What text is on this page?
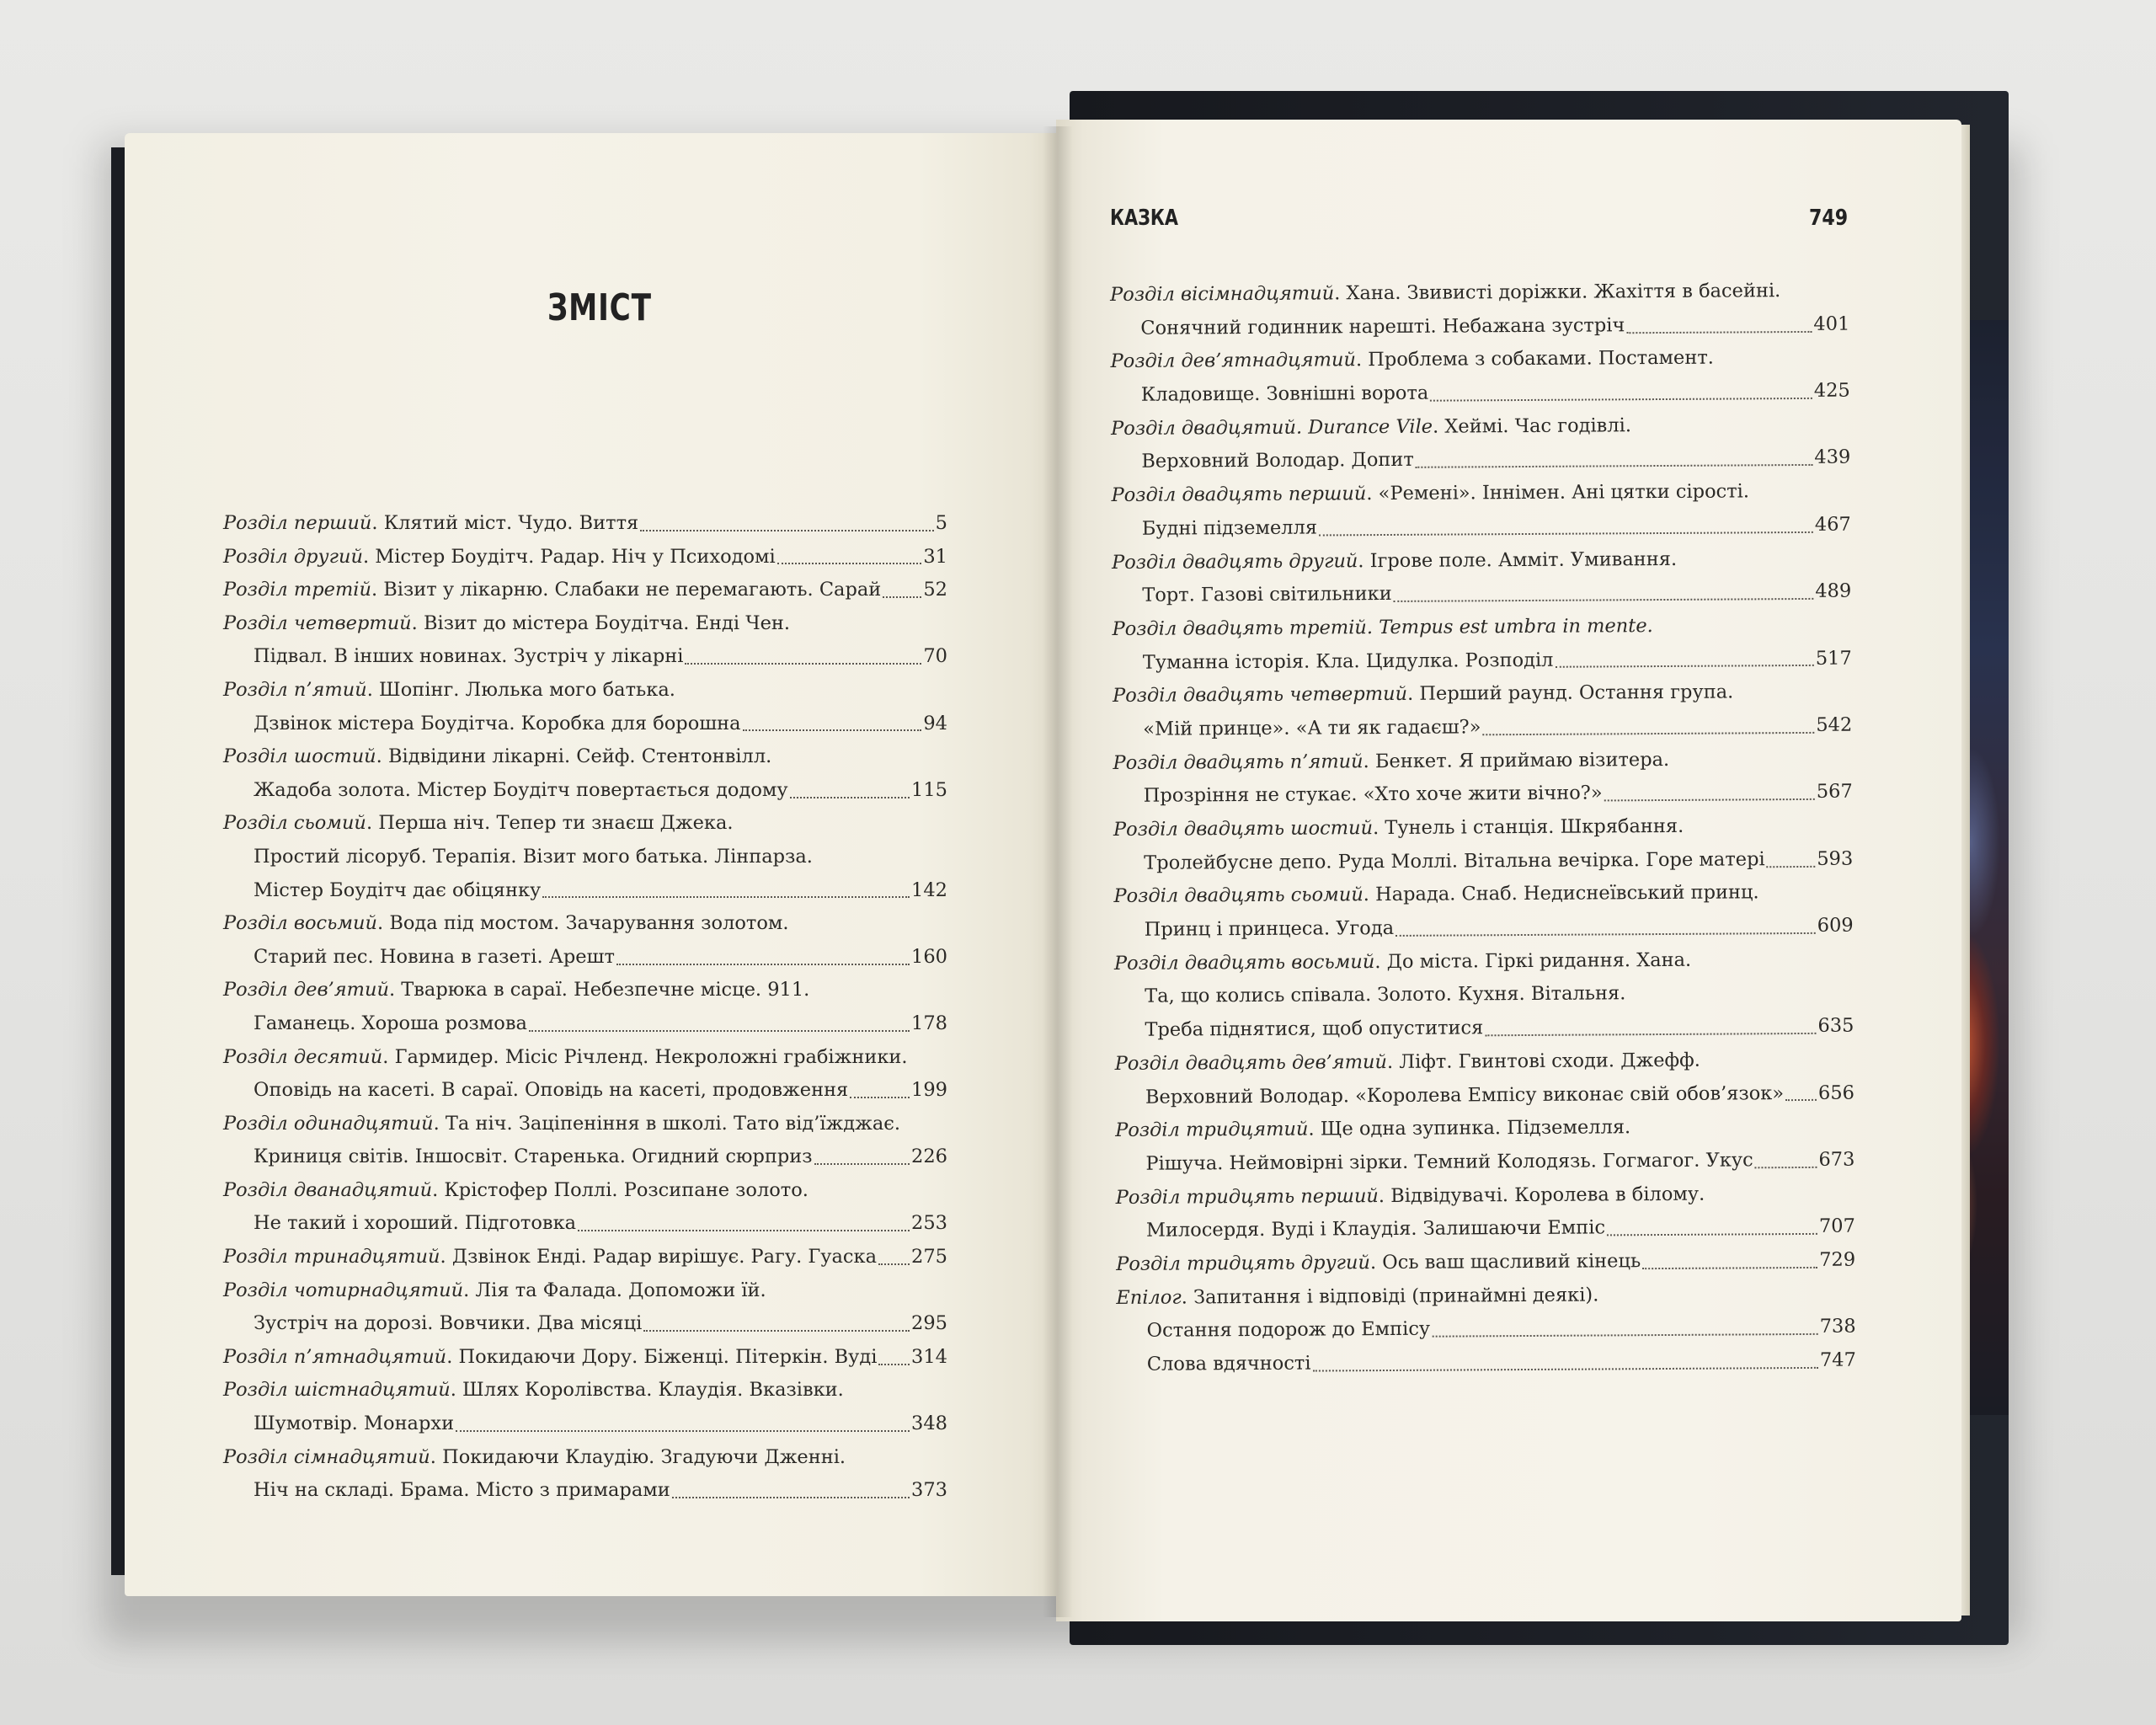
ЗМІСТ
КАЗКА	749
Розділ перший . Клятий міст. Чудо. Виття	5
Розділ другий . Містер Боудітч. Радар. Ніч у Психодомі	31
Розділ третій . Візит у лікарню. Слабаки не перемагають. Сарай 52
Розділ четвертий . Візит до містера Боудітча. Енді Чен.
Підвал. В інших новинах. Зустріч у лікарні	70
Розділ п’ятий . Шопінг. Люлька мого батька.
Дзвінок містера Боудітча. Коробка для борошна	94
Розділ шостий . Відвідини лікарні. Сейф. Стентонвілл.
Жадоба золота. Містер Боудітч повертається додому	115
Розділ сьомий . Перша ніч. Тепер ти знаєш Джека.
Простий лісоруб. Терапія. Візит мого батька. Лінпарза.
Містер Боудітч дає обіцянку	142
Розділ восьмий . Вода під мостом. Зачарування золотом.
Старий пес. Новина в газеті. Арешт	160
Розділ дев’ятий . Тварюка в сараї. Небезпечне місце. 911.
Гаманець. Хороша розмова	178
Розділ десятий . Гармидер. Місіс Річленд. Некроложні грабіжники.
Оповідь на касеті. В сараї. Оповідь на касеті, продовження	199
Розділ одинадцятий . Та ніч. Заціпеніння в школі. Тато від’їжджає.
Криниця світів. Іншосвіт. Старенька. Огидний сюрприз	226
Розділ дванадцятий . Крістофер Поллі. Розсипане золото.
Не такий і хороший. Підготовка	253
Розділ тринадцятий . Дзвінок Енді. Радар вирішує. Рагу. Гуаска 275
Розділ чотирнадцятий . Лія та Фалада. Допоможи їй.
Зустріч на дорозі. Вовчики. Два місяці	295
Розділ п’ятнадцятий . Покидаючи Дору. Біженці. Пітеркін. Вуді 314
Розділ шістнадцятий . Шлях Королівства. Клаудія. Вказівки.
Шумотвір. Монархи	348
Розділ сімнадцятий . Покидаючи Клаудію. Згадуючи Дженні.
Ніч на складі. Брама. Місто з примарами	373
Розділ вісімнадцятий . Хана. Звивисті доріжки. Жахіття в басейні.
Сонячний годинник нарешті. Небажана зустріч	401
Розділ дев’ятнадцятий . Проблема з собаками. Постамент.
Кладовище. Зовнішні ворота	425
Розділ двадцятий. Durance Vile . Хеймі. Час годівлі.
Верховний Володар. Допит	439
Розділ двадцять перший . «Ремені». Іннімен. Ані цятки сірості.
Будні підземелля	467
Розділ двадцять другий . Ігрове поле. Амміт. Умивання.
Торт. Газові світильники	489
Розділ двадцять третій. Tempus est umbra in mente.
Туманна історія. Кла. Цидулка. Розподіл	517
Розділ двадцять четвертий . Перший раунд. Остання група.
«Мій принце». «А ти як гадаєш?»	542
Розділ двадцять п’ятий . Бенкет. Я приймаю візитера.
Прозріння не стукає. «Хто хоче жити вічно?»	567
Розділ двадцять шостий . Тунель і станція. Шкрябання.
Тролейбусне депо. Руда Моллі. Вітальна вечірка. Горе матері	593
Розділ двадцять сьомий . Нарада. Снаб. Недиснеївський принц.
Принц і принцеса. Угода	609
Розділ двадцять восьмий . До міста. Гіркі ридання. Хана.
Та, що колись співала. Золото. Кухня. Вітальня.
Треба піднятися, щоб опуститися	635
Розділ двадцять дев’ятий . Ліфт. Гвинтові сходи. Джефф.
Верховний Володар. «Королева Емпісу виконає свій обов’язок» 656
Розділ тридцятий . Ще одна зупинка. Підземелля.
Рішуча. Неймовірні зірки. Темний Колодязь. Гогмагог. Укус	673
Розділ тридцять перший . Відвідувачі. Королева в білому.
Милосердя. Вуді і Клаудія. Залишаючи Емпіс	707
Розділ тридцять другий . Ось ваш щасливий кінець	729
Епілог . Запитання і відповіді (принаймні деякі).
Остання подорож до Емпісу	738
Слова вдячності	747
